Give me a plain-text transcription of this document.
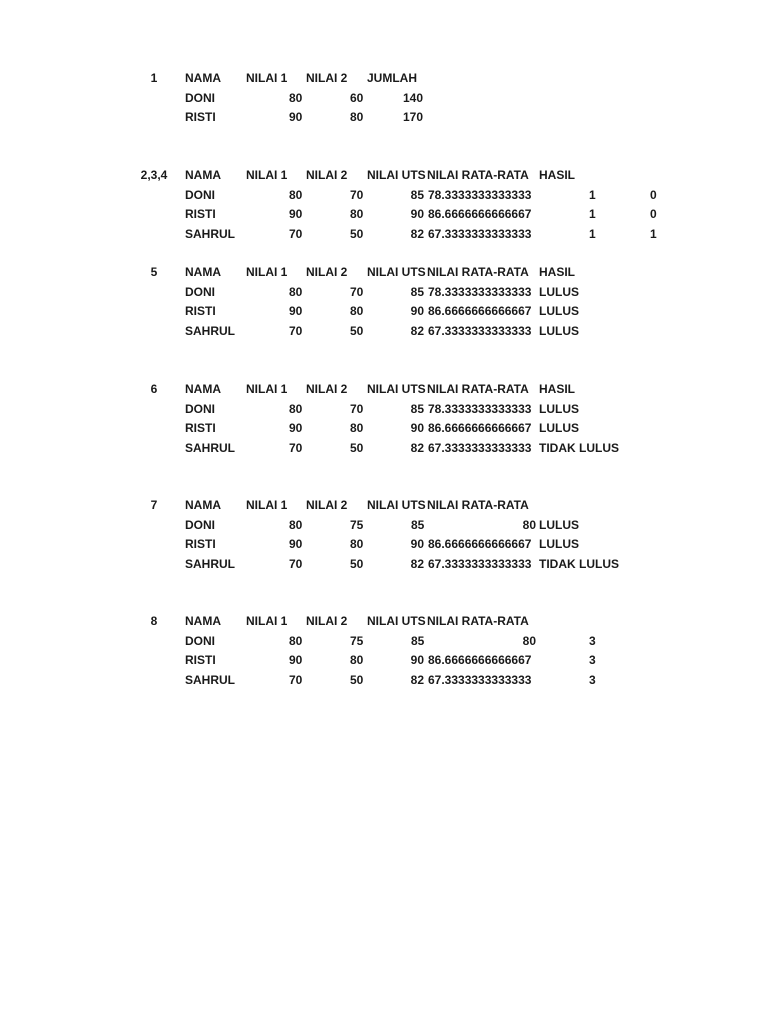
1	NAMA NILAI 1 NILAI 2 JUMLAH
DONI	80	60	140
RISTI	90	80	170
2,3,4 NAMA NILAI 1 NILAI 2 NILAI UTS NILAI RATA-RATA HASIL
DONI	80	70	85 78.3333333333333	1	0
RISTI	90	80	90 86.6666666666667	1	0
SAHRUL	70	50	82 67.3333333333333	1	1
5	NAMA NILAI 1 NILAI 2 NILAI UTS NILAI RATA-RATA HASIL
DONI	80	70	85 78.3333333333333 LULUS
RISTI	90	80	90 86.6666666666667 LULUS
SAHRUL	70	50	82 67.3333333333333 LULUS
6	NAMA NILAI 1 NILAI 2 NILAI UTS NILAI RATA-RATA HASIL
DONI	80	70	85 78.3333333333333 LULUS
RISTI	90	80	90 86.6666666666667 LULUS
SAHRUL	70	50	82 67.3333333333333 TIDAK LULUS
7	NAMA NILAI 1 NILAI 2 NILAI UTS NILAI RATA-RATA
DONI	80	75	85	80 LULUS
RISTI	90	80	90 86.6666666666667 LULUS
SAHRUL	70	50	82 67.3333333333333 TIDAK LULUS
8	NAMA NILAI 1 NILAI 2 NILAI UTS NILAI RATA-RATA
DONI	80	75	85	80	3
RISTI	90	80	90 86.6666666666667	3
SAHRUL	70	50	82 67.3333333333333	3
